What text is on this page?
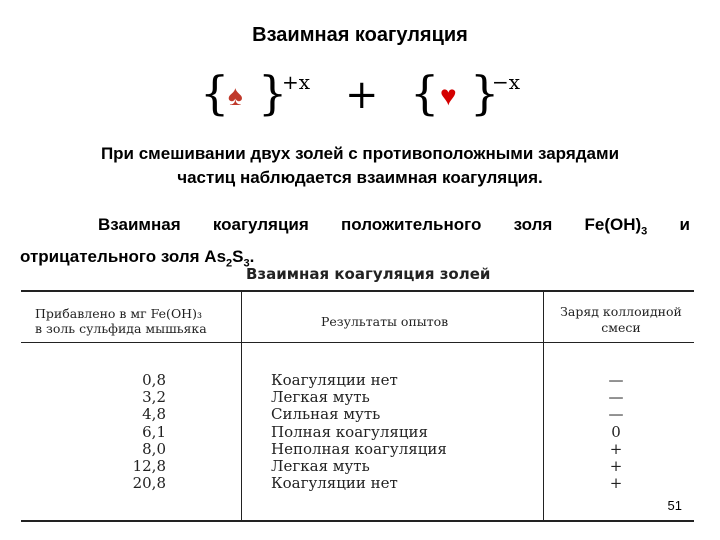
Взаимная коагуляция
{
♠ }
+x + { ♥ }
−x
При смешивании двух золей с противоположными зарядами
частиц наблюдается взаимная коагуляция.
Взаимная коагуляция положительного золя $Fe(OH)_3$ и
отрицательного золя $As_2S_3$.
Взаимная коагуляция золей
Прибавлено в мг Fe(OH)₃
в золь сульфида мышьяка	Результаты опытов
Заряд коллоидной
смеси
0,8
3,2
4,8
6,1
8,0
12,8
20,8
Коагуляции нет
Легкая муть
Сильная муть
Полная коагуляция
Неполная коагуляция
Легкая муть
Коагуляции нет
—
—
—
0
+
+
+
51
